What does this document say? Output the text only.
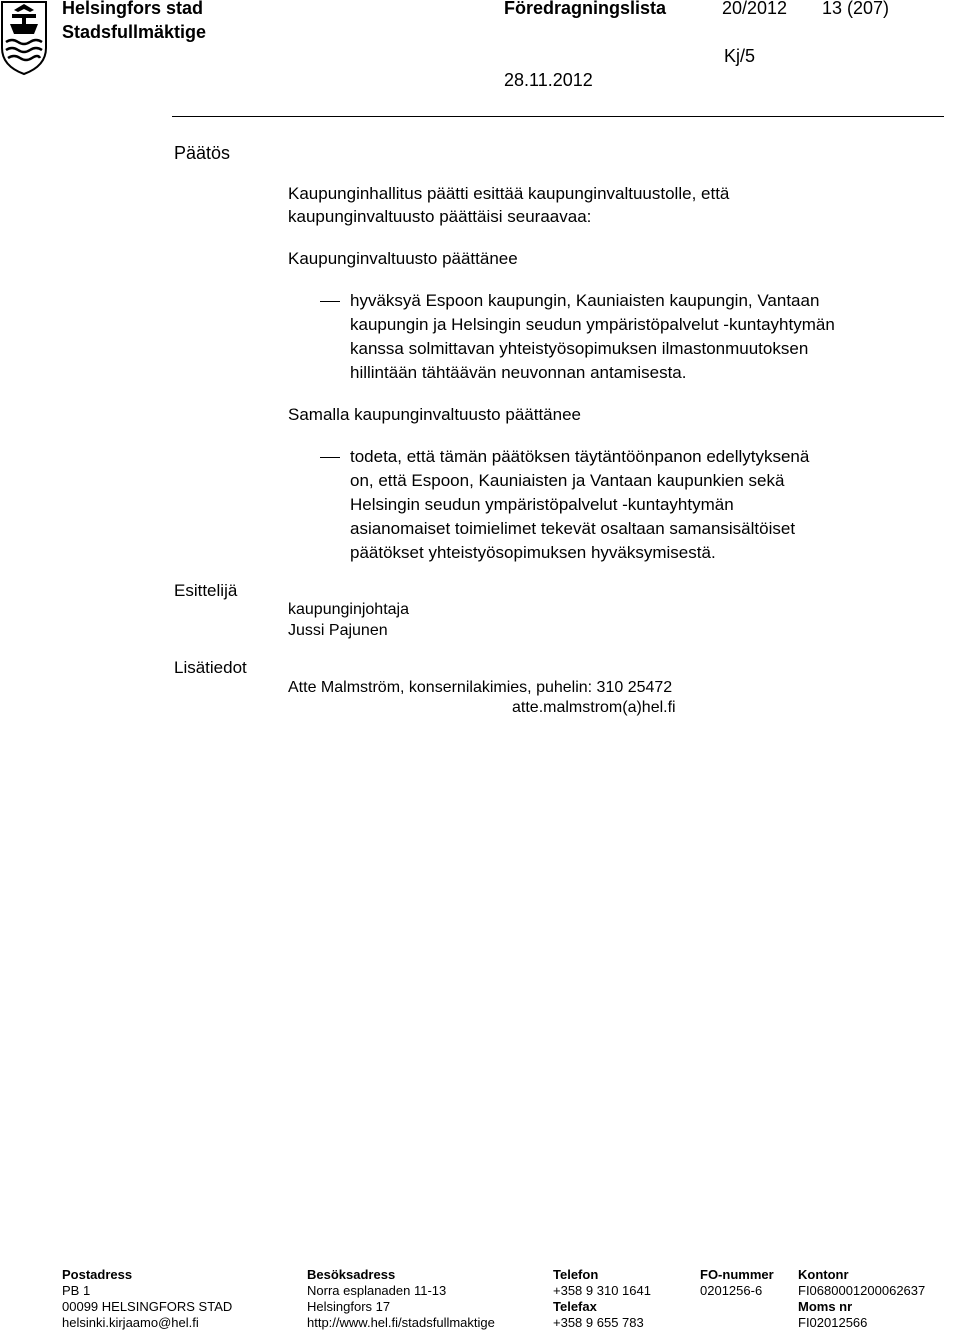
Helsingfors stad
Stadsfullmäktige
Föredragningslista	20/2012 13 (207)
Kj/5
28.11.2012
Päätös
Esittelijä
Lisätiedot
Kaupunginhallitus päätti esittää kaupunginvaltuustolle, että
kaupunginvaltuusto päättäisi seuraavaa:
Kaupunginvaltuusto päättänee
hyväksyä Espoon kaupungin, Kauniaisten kaupungin, Vantaan
kaupungin ja Helsingin seudun ympäristöpalvelut -kuntayhtymän
kanssa solmittavan yhteistyösopimuksen ilmastonmuutoksen
hillintään tähtäävän neuvonnan antamisesta.
Samalla kaupunginvaltuusto päättänee
todeta, että tämän päätöksen täytäntöönpanon edellytyksenä
on, että Espoon, Kauniaisten ja Vantaan kaupunkien sekä
Helsingin seudun ympäristöpalvelut -kuntayhtymän
asianomaiset toimielimet tekevät osaltaan samansisältöiset
päätökset yhteistyösopimuksen hyväksymisestä.
kaupunginjohtaja
Jussi Pajunen
Atte Malmström, konsernilakimies, puhelin: 310 25472
atte.malmstrom(a)hel.fi
Postadress
PB 1
00099 HELSINGFORS STAD
helsinki.kirjaamo@hel.fi
Besöksadress
Norra esplanaden 11-13
Helsingfors 17
http://www.hel.fi/stadsfullmaktige
Telefon
+358 9 310 1641
Telefax
+358 9 655 783
FO-nummer
0201256-6
Kontonr
FI0680001200062637
Moms nr
FI02012566
